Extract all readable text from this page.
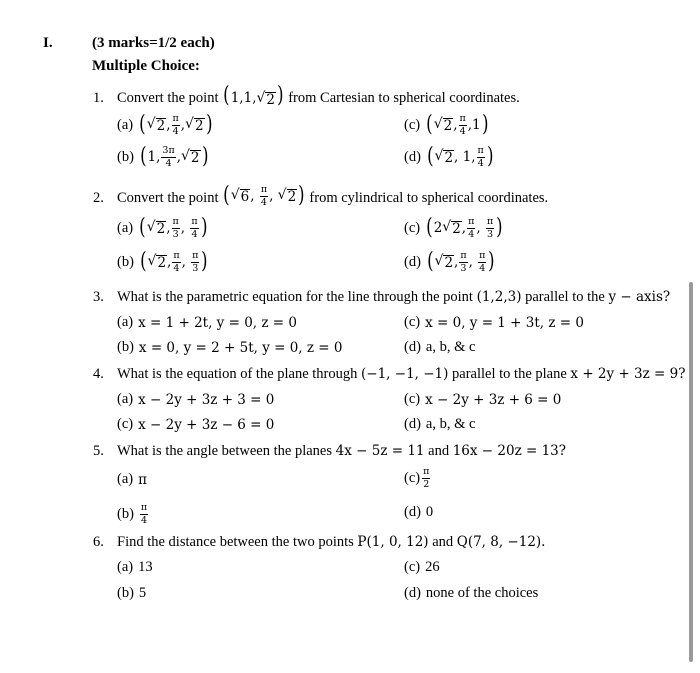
I.	(3 marks=1/2 each)
Multiple Choice:
1. Convert the point (1,1, √ 2 ) from Cartesian to spherical coordinates.
(a) ( √ 2 , $\frac{\pi}{4}$ , √ 2 )
(b) ( 1, $\frac{3\pi}{4}$ , √ 2 )
(c) ( √ 2 , $\frac{\pi}{4} ,1$ )
(d) ( √ 2 , 1, $\frac{\pi}{4}$ )
2. Convert the point ( √ 6 , $\frac{\pi}{4}$ , √ 2 ) from cylindrical to spherical coordinates.
(a) ( √ 2 , $\frac{\pi}{3}$ , $\frac{\pi}{4}$ )
(b) ( √ 2 , $\frac{\pi}{4}$ , $\frac{\pi}{3}$ )
(c) ( 2 √ 2 , $\frac{\pi}{4}$ , $\frac{\pi}{3}$ )
(d) ( √ 2 , $\frac{\pi}{3}$ , $\frac{\pi}{4}$ )
3. What is the parametric equation for the line through the point (1,2,3) parallel to the y − axis?
(a) x = 1 + 2t, y = 0, z = 0
(b) x = 0, y = 2 + 5t, y = 0, z = 0
(c) x = 0, y = 1 + 3t, z = 0
(d) a, b, & c
4. What is the equation of the plane through (−1, −1, −1) parallel to the plane x + 2y + 3z = 9?
(a) x − 2y + 3z + 3 = 0
(c) x − 2y + 3z − 6 = 0
(c) x − 2y + 3z + 6 = 0
(d) a, b, & c
5. What is the angle between the planes 4x − 5z = 11 and 16x − 20z = 13?
(a) π
$(b) \frac{\pi}{4}$
$(c) \frac{\pi}{2}$
(d) 0
6. Find the distance between the two points P(1, 0, 12) and Q(7, 8, −12).
(a) 13
(b) 5
(c) 26
(d) none of the choices
